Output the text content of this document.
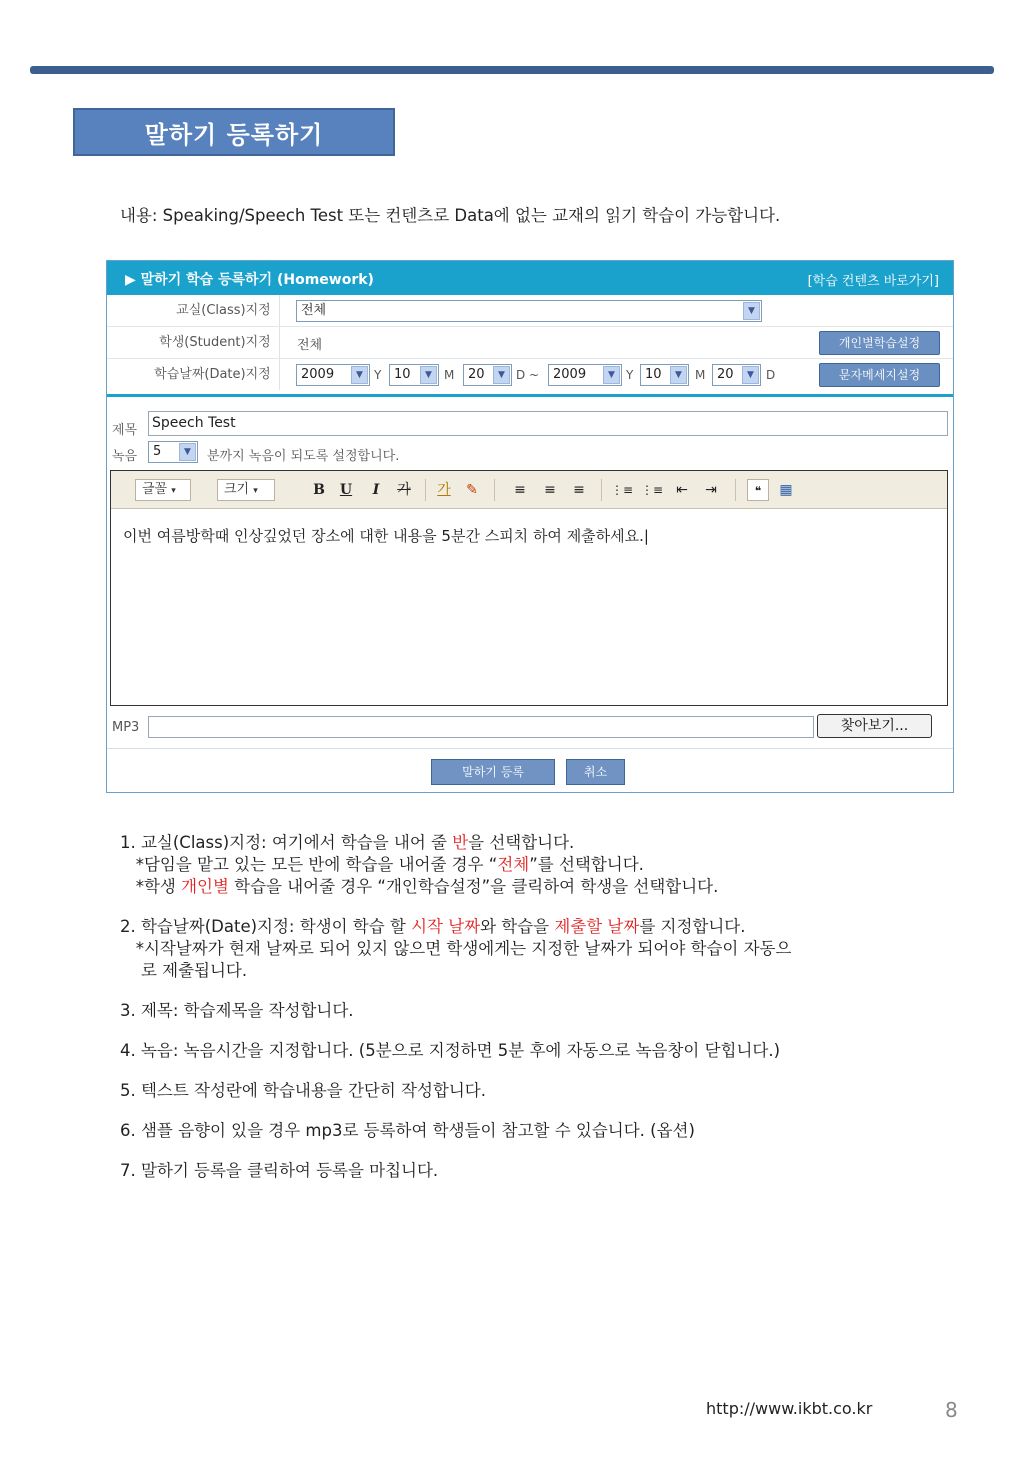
말하기 등록하기
내용: Speaking/Speech Test 또는 컨텐츠로 Data에 없는 교재의 읽기 학습이 가능합니다.
▶ 말하기 학습 등록하기 (Homework)	[학습 컨텐츠 바로가기]
교실(Class)지정	전체	▼
학생(Student)지정	전체	개인별학습설정
학습날짜(Date)지정	2009	▼ Y 10	▼	M	20	▼ D ~	2009	▼ Y 10	▼	M 20	▼	D	문자메세지설정
제목 Speech Test
녹음	5	▼	분까지 녹음이 되도록 설정합니다.
글꼴 ▾	크기 ▾	B	U	I	가	가	✎	≡	≡	≡	⋮≡ ⋮≡ ⇤	⇥	❝	▦
이번 여름방학때 인상깊었던 장소에 대한 내용을 5분간 스피치 하여 제출하세요.|
MP3	찾아보기...
말하기 등록	취소

1. 교실(Class)지정: 여기에서 학습을 내어 줄 반을 선택합니다.

*담임을 맡고 있는 모든 반에 학습을 내어줄 경우 “전체”를 선택합니다.

*학생 개인별 학습을 내어줄 경우 “개인학습설정”을 클릭하여 학생을 선택합니다.

2. 학습날짜(Date)지정: 학생이 학습 할 시작 날짜와 학습을 제출할 날짜를 지정합니다.

*시작날짜가 현재 날짜로 되어 있지 않으면 학생에게는 지정한 날짜가 되어야 학습이 자동으

로 제출됩니다.

3. 제목: 학습제목을 작성합니다.

4. 녹음: 녹음시간을 지정합니다. (5분으로 지정하면 5분 후에 자동으로 녹음창이 닫힙니다.)

5. 텍스트 작성란에 학습내용을 간단히 작성합니다.

6. 샘플 음향이 있을 경우 mp3로 등록하여 학생들이 참고할 수 있습니다. (옵션)

7. 말하기 등록을 클릭하여 등록을 마칩니다.

http://www.ikbt.co.kr	8
